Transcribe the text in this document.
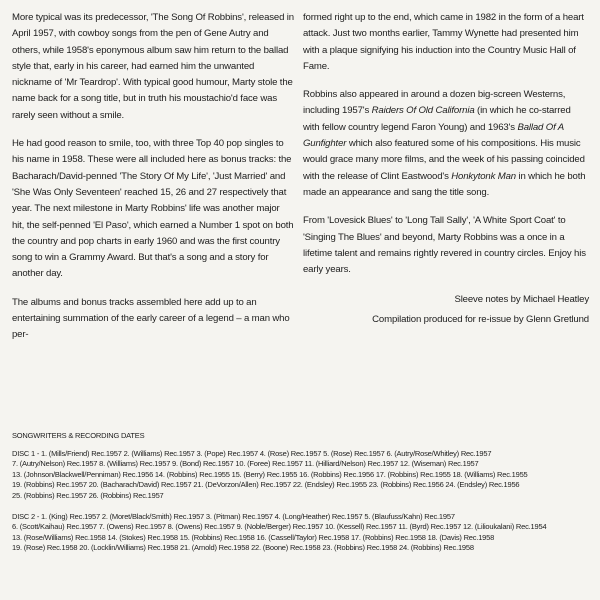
More typical was its predecessor, 'The Song Of Robbins', released in April 1957, with cowboy songs from the pen of Gene Autry and others, while 1958's eponymous album saw him return to the ballad style that, early in his career, had earned him the unwanted nickname of 'Mr Teardrop'. With typical good humour, Marty stole the name back for a song title, but in truth his moustachio'd face was rarely seen without a smile.

He had good reason to smile, too, with three Top 40 pop singles to his name in 1958. These were all included here as bonus tracks: the Bacharach/David-penned 'The Story Of My Life', 'Just Married' and 'She Was Only Seventeen' reached 15, 26 and 27 respectively that year. The next milestone in Marty Robbins' life was another major hit, the self-penned 'El Paso', which earned a Number 1 spot on both the country and pop charts in early 1960 and was the first country song to win a Grammy Award. But that's a song and a story for another day.

The albums and bonus tracks assembled here add up to an entertaining summation of the early career of a legend – a man who per-

formed right up to the end, which came in 1982 in the form of a heart attack. Just two months earlier, Tammy Wynette had presented him with a plaque signifying his induction into the Country Music Hall of Fame.

Robbins also appeared in around a dozen big-screen Westerns, including 1957's Raiders Of Old California (in which he co-starred with fellow country legend Faron Young) and 1963's Ballad Of A Gunfighter which also featured some of his compositions. His music would grace many more films, and the week of his passing coincided with the release of Clint Eastwood's Honkytonk Man in which he both made an appearance and sang the title song.

From 'Lovesick Blues' to 'Long Tall Sally', 'A White Sport Coat' to 'Singing The Blues' and beyond, Marty Robbins was a once in a lifetime talent and remains rightly revered in country circles. Enjoy his early years.

Sleeve notes by Michael Heatley
Compilation produced for re-issue by Glenn Gretlund
SONGWRITERS & RECORDING DATES
DISC 1 - 1. (Mills/Friend) Rec.1957 2. (Williams) Rec.1957 3. (Pope) Rec.1957 4. (Rose) Rec.1957 5. (Rose) Rec.1957 6. (Autry/Rose/Whitley) Rec.1957
7. (Autry/Nelson) Rec.1957 8. (Williams) Rec.1957 9. (Bond) Rec.1957 10. (Foree) Rec.1957 11. (Hilliard/Nelson) Rec.1957 12. (Wiseman) Rec.1957
13. (Johnson/Blackwell/Penniman) Rec.1956 14. (Robbins) Rec.1955 15. (Berry) Rec.1955 16. (Robbins) Rec.1956 17. (Robbins) Rec.1955 18. (Williams) Rec.1955
19. (Robbins) Rec.1957 20. (Bacharach/David) Rec.1957 21. (DeVorzon/Allen) Rec.1957 22. (Endsley) Rec.1955 23. (Robbins) Rec.1956 24. (Endsley) Rec.1956
25. (Robbins) Rec.1957 26. (Robbins) Rec.1957
DISC 2 - 1. (King) Rec.1957 2. (Moret/Black/Smith) Rec.1957 3. (Pitman) Rec.1957 4. (Long/Heather) Rec.1957 5. (Blaufuss/Kahn) Rec.1957
6. (Scott/Kaihau) Rec.1957 7. (Owens) Rec.1957 8. (Owens) Rec.1957 9. (Noble/Berger) Rec.1957 10. (Kessell) Rec.1957 11. (Byrd) Rec.1957 12. (Lilioukalani) Rec.1954
13. (Rose/Williams) Rec.1958 14. (Stokes) Rec.1958 15. (Robbins) Rec.1958 16. (Cassell/Taylor) Rec.1958 17. (Robbins) Rec.1958 18. (Davis) Rec.1958
19. (Rose) Rec.1958 20. (Locklin/Williams) Rec.1958 21. (Arnold) Rec.1958 22. (Boone) Rec.1958 23. (Robbins) Rec.1958 24. (Robbins) Rec.1958
